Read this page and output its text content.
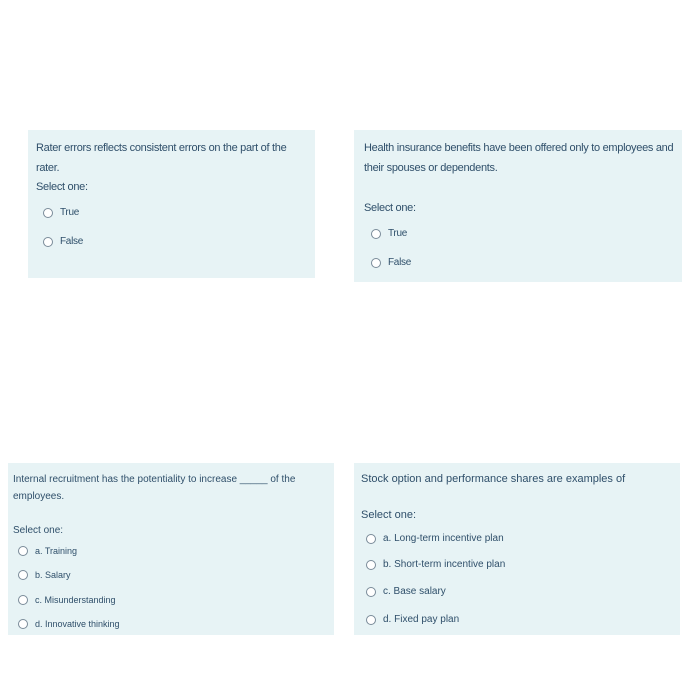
Rater errors reflects consistent errors on the part of the rater.
Select one:
True
False
Health insurance benefits have been offered only to employees and their spouses or dependents.
Select one:
True
False
Internal recruitment has the potentiality to increase _____ of the employees.
Select one:
a. Training
b. Salary
c. Misunderstanding
d. Innovative thinking
Stock option and performance shares are examples of
Select one:
a. Long-term incentive plan
b. Short-term incentive plan
c. Base salary
d. Fixed pay plan
